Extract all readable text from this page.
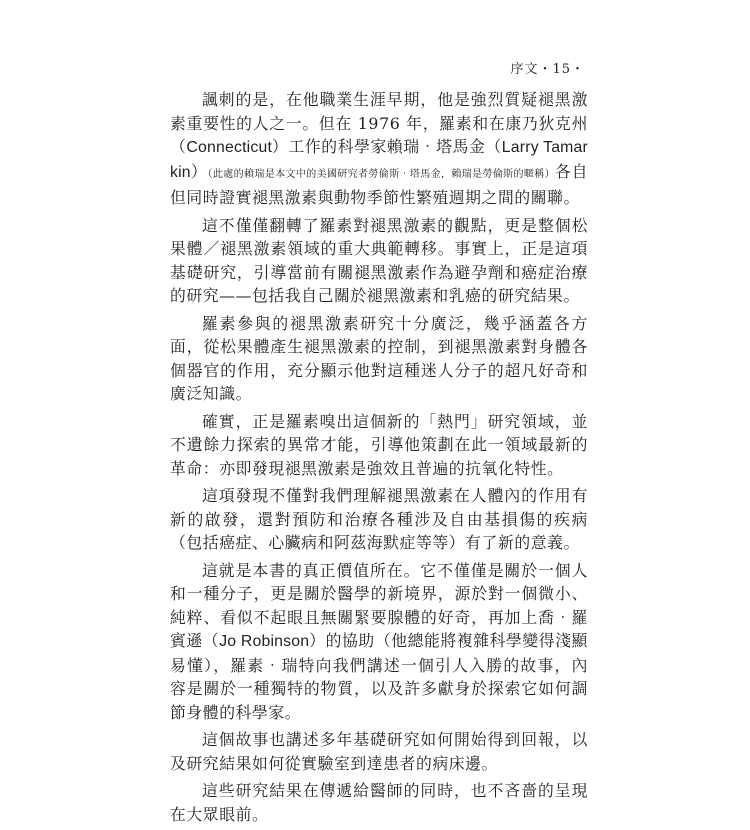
序文・15・

諷刺的是，在他職業生涯早期，他是強烈質疑褪黑激素重要性的人之一。但在 1976 年，羅素和在康乃狄克州（Connecticut）工作的科學家賴瑞‧塔馬金（Larry Tamarkin）（此處的賴瑞是本文中的美國研究者勞倫斯‧塔馬金，賴瑞是勞倫斯的暱稱）各自但同時證實褪黑激素與動物季節性繁殖週期之間的關聯。

這不僅僅翻轉了羅素對褪黑激素的觀點，更是整個松果體／褪黑激素領域的重大典範轉移。事實上，正是這項基礎研究，引導當前有關褪黑激素作為避孕劑和癌症治療的研究——包括我自己關於褪黑激素和乳癌的研究結果。

羅素參與的褪黑激素研究十分廣泛，幾乎涵蓋各方面，從松果體產生褪黑激素的控制，到褪黑激素對身體各個器官的作用，充分顯示他對這種迷人分子的超凡好奇和廣泛知識。

確實，正是羅素嗅出這個新的「熱門」研究領域，並不遺餘力探索的異常才能，引導他策劃在此一領域最新的革命：亦即發現褪黑激素是強效且普遍的抗氧化特性。

這項發現不僅對我們理解褪黑激素在人體內的作用有新的啟發，還對預防和治療各種涉及自由基損傷的疾病（包括癌症、心臟病和阿茲海默症等等）有了新的意義。

這就是本書的真正價值所在。它不僅僅是關於一個人和一種分子，更是關於醫學的新境界，源於對一個微小、純粹、看似不起眼且無關緊要腺體的好奇，再加上喬‧羅賓遜（Jo Robinson）的協助（他總能將複雜科學變得淺顯易懂），羅素‧瑞特向我們講述一個引人入勝的故事，內容是關於一種獨特的物質，以及許多獻身於探索它如何調節身體的科學家。

這個故事也講述多年基礎研究如何開始得到回報，以及研究結果如何從實驗室到達患者的病床邊。

這些研究結果在傳遞給醫師的同時，也不吝嗇的呈現在大眾眼前。
